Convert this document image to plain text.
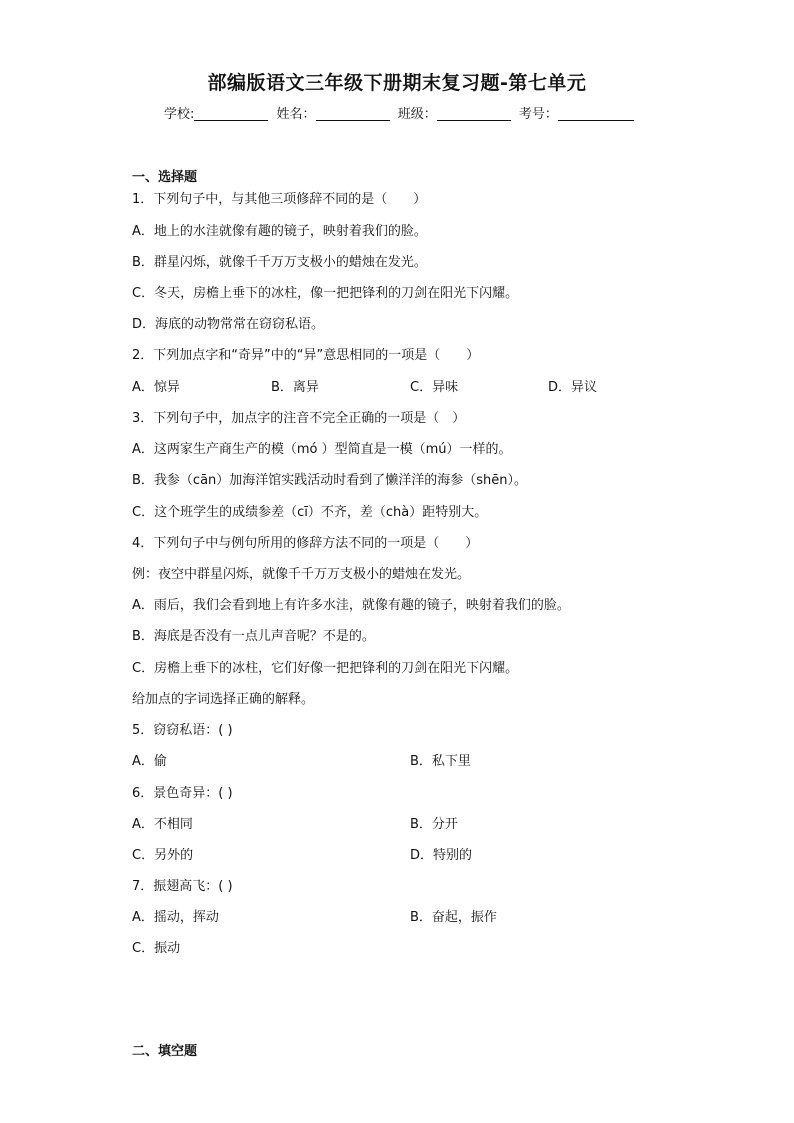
部编版语文三年级下册期末复习题-第七单元
学校:	姓名：	班级：	考号：
一、选择题
1．下列句子中，与其他三项修辞不同的是（　　）
A．地上的水洼就像有趣的镜子，映射着我们的脸。
B．群星闪烁，就像千千万万支极小的蜡烛在发光。
C．冬天，房檐上垂下的冰柱，像一把把锋利的刀剑在阳光下闪耀。
D．海底的动物常常在窃窃私语。
2．下列加点字和“奇异”中的“异”意思相同的一项是（　　）
A．惊异	B．离异	C．异味	D．异议
3．下列句子中，加点字的注音不完全正确的一项是（　）
A．这两家生产商生产的模（mó ）型简直是一模（mú）一样的。
B．我参（cān）加海洋馆实践活动时看到了懒洋洋的海参（shēn）。
C．这个班学生的成绩参差（cī）不齐，差（chà）距特别大。
4．下列句子中与例句所用的修辞方法不同的一项是（　　）
例：夜空中群星闪烁，就像千千万万支极小的蜡烛在发光。
A．雨后，我们会看到地上有许多水洼，就像有趣的镜子，映射着我们的脸。
B．海底是否没有一点儿声音呢？不是的。
C．房檐上垂下的冰柱，它们好像一把把锋利的刀剑在阳光下闪耀。
给加点的字词选择正确的解释。
5．窃窃私语：( )
A．偷	B．私下里
6．景色奇异：( )
A．不相同	B．分开
C．另外的	D．特别的
7．振翅高飞：( )
A．摇动，挥动	B．奋起，振作
C．振动
二、填空题
